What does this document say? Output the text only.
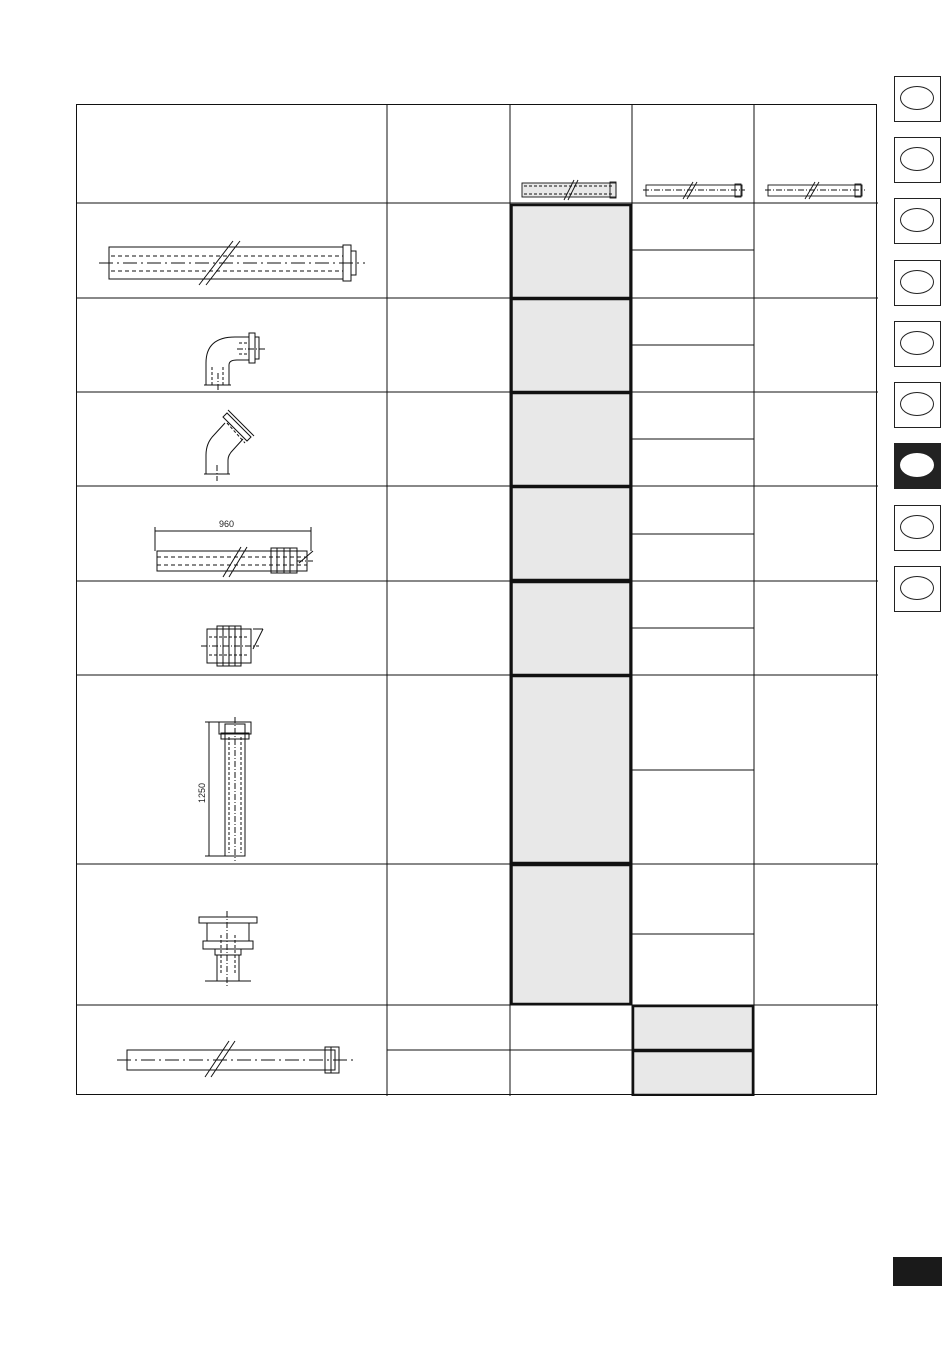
960
1250
